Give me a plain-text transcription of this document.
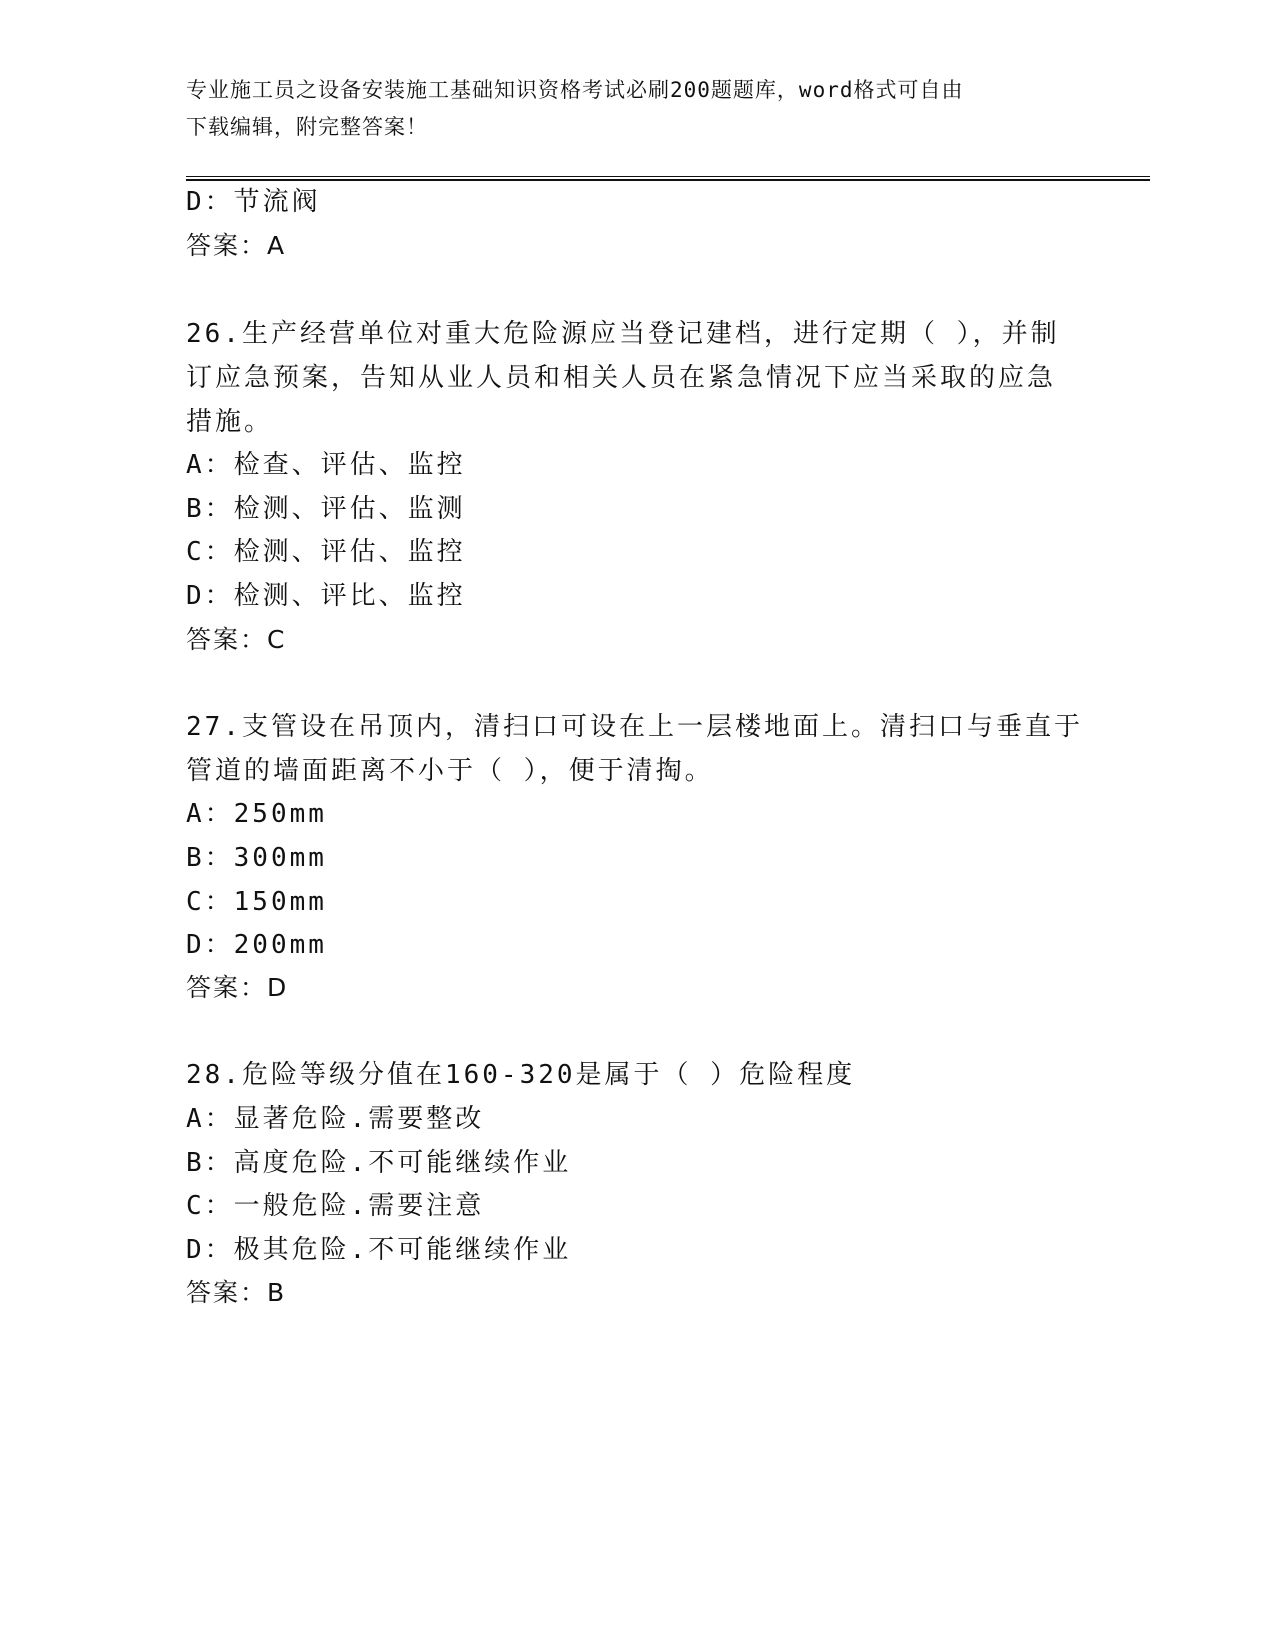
专业施工员之设备安装施工基础知识资格考试必刷200题题库，word格式可自由
下载编辑，附完整答案！
D：节流阀
答案：A
26.生产经营单位对重大危险源应当登记建档，进行定期（ ），并制
订应急预案，告知从业人员和相关人员在紧急情况下应当采取的应急
措施。
A：检查、评估、监控
B：检测、评估、监测
C：检测、评估、监控
D：检测、评比、监控
答案：C
27.支管设在吊顶内，清扫口可设在上一层楼地面上。清扫口与垂直于
管道的墙面距离不小于（ ），便于清掏。
A：250mm
B：300mm
C：150mm
D：200mm
答案：D
28.危险等级分值在160-320是属于（ ）危险程度
A：显著危险.需要整改
B：高度危险.不可能继续作业
C：一般危险.需要注意
D：极其危险.不可能继续作业
答案：B
